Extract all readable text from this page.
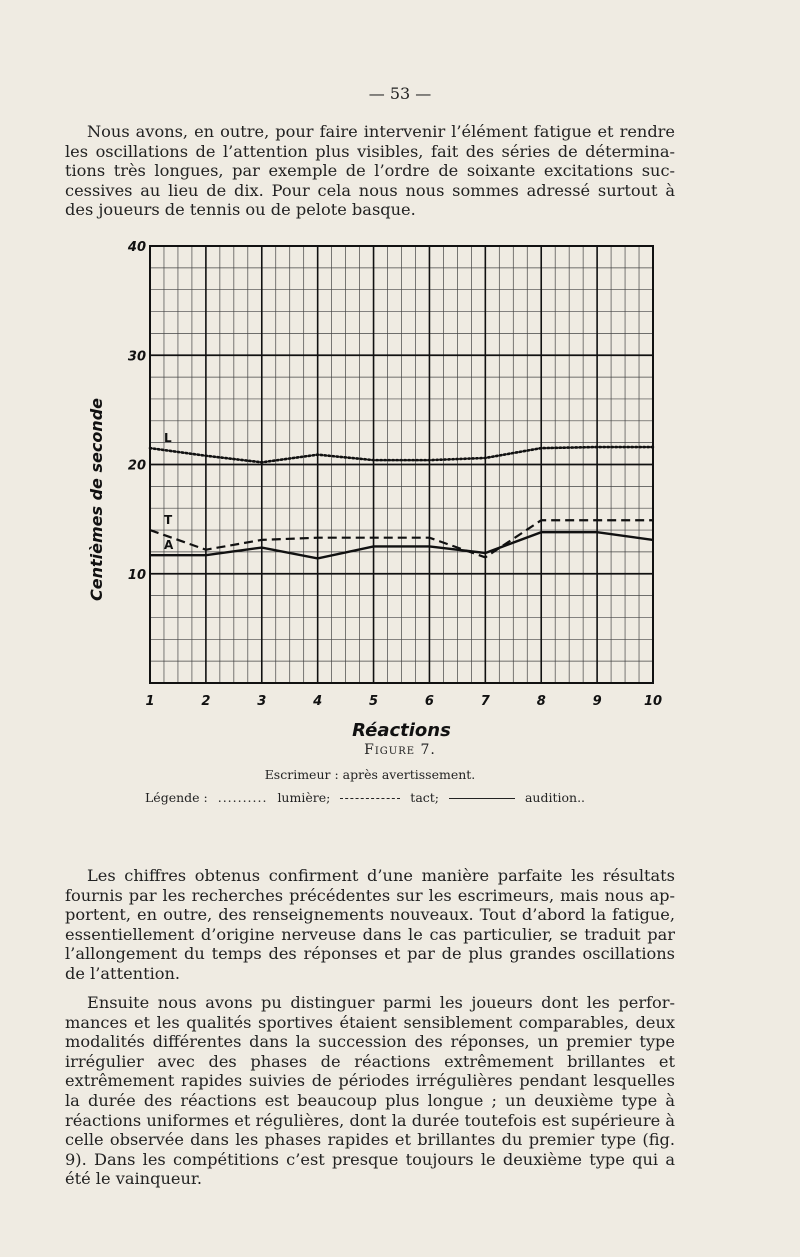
— 53 —

Nous avons, en outre, pour faire intervenir l’élément fatigue et rendre les oscillations de l’attention plus visibles, fait des séries de détermina-tions très longues, par exemple de l’ordre de soixante excitations suc-cessives au lieu de dix. Pour cela nous nous sommes adressé surtout à des joueurs de tennis ou de pelote basque.

L
T
A
40
30
20
10
1	2	3	4	5	6	7	8	9	10
Réactions
Centièmes de seconde
Figure 7.
Escrimeur : après avertissement.
Légende : .......... lumière;	tact;	audition..

Les chiffres obtenus confirment d’une manière parfaite les résultats fournis par les recherches précédentes sur les escrimeurs, mais nous ap-portent, en outre, des renseignements nouveaux. Tout d’abord la fatigue, essentiellement d’origine nerveuse dans le cas particulier, se traduit par l’allongement du temps des réponses et par de plus grandes oscillations de l’attention.

Ensuite nous avons pu distinguer parmi les joueurs dont les perfor-mances et les qualités sportives étaient sensiblement comparables, deux modalités différentes dans la succession des réponses, un premier type irrégulier avec des phases de réactions extrêmement brillantes et extrêmement rapides suivies de périodes irrégulières pendant lesquelles la durée des réactions est beaucoup plus longue ; un deuxième type à réactions uniformes et régulières, dont la durée toutefois est supérieure à celle observée dans les phases rapides et brillantes du premier type (fig. 9). Dans les compétitions c’est presque toujours le deuxième type qui a été le vainqueur.
